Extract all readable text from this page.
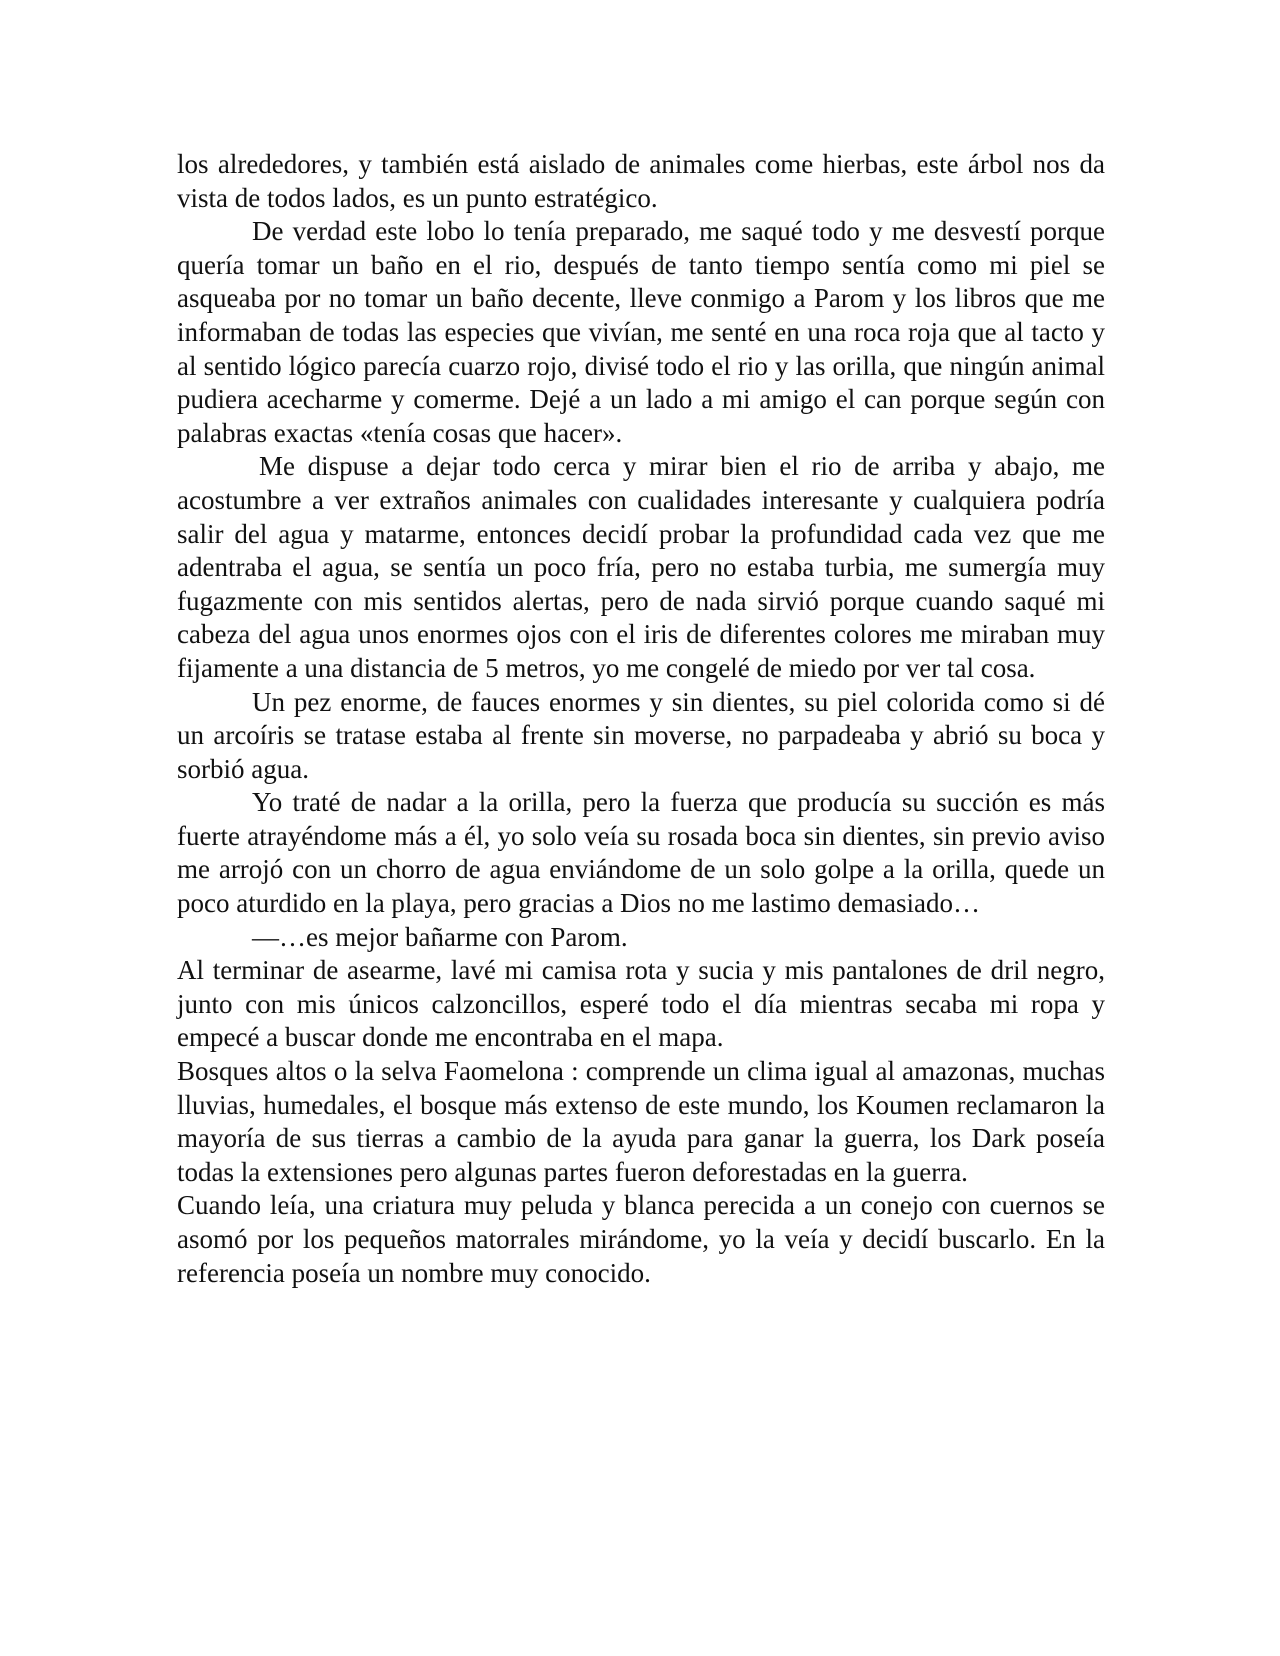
los alrededores, y también está aislado de animales come hierbas, este árbol nos da vista de todos lados, es un punto estratégico.

De verdad este lobo lo tenía preparado, me saqué todo y me desvestí porque quería tomar un baño en el rio, después de tanto tiempo sentía como mi piel se asqueaba por no tomar un baño decente, lleve conmigo a Parom y los libros que me informaban de todas las especies que vivían, me senté en una roca roja que al tacto y al sentido lógico parecía cuarzo rojo, divisé todo el rio y las orilla, que ningún animal pudiera acecharme y comerme. Dejé a un lado a mi amigo el can porque según con palabras exactas «tenía cosas que hacer».

Me dispuse a dejar todo cerca y mirar bien el rio de arriba y abajo, me acostumbre a ver extraños animales con cualidades interesante y cualquiera podría salir del agua y matarme, entonces decidí probar la profundidad cada vez que me adentraba el agua, se sentía un poco fría, pero no estaba turbia, me sumergía muy fugazmente con mis sentidos alertas, pero de nada sirvió porque cuando saqué mi cabeza del agua unos enormes ojos con el iris de diferentes colores me miraban muy fijamente a una distancia de 5 metros, yo me congelé de miedo por ver tal cosa.

Un pez enorme, de fauces enormes y sin dientes, su piel colorida como si dé un arcoíris se tratase estaba al frente sin moverse, no parpadeaba y abrió su boca y sorbió agua.

Yo traté de nadar a la orilla, pero la fuerza que producía su succión es más fuerte atrayéndome más a él, yo solo veía su rosada boca sin dientes, sin previo aviso me arrojó con un chorro de agua enviándome de un solo golpe a la orilla, quede un poco aturdido en la playa, pero gracias a Dios no me lastimo demasiado…

—…es mejor bañarme con Parom.

Al terminar de asearme, lavé mi camisa rota y sucia y mis pantalones de dril negro, junto con mis únicos calzoncillos, esperé todo el día mientras secaba mi ropa y empecé a buscar donde me encontraba en el mapa.

Bosques altos o la selva Faomelona : comprende un clima igual al amazonas, muchas lluvias, humedales, el bosque más extenso de este mundo, los Koumen reclamaron la mayoría de sus tierras a cambio de la ayuda para ganar la guerra, los Dark poseía todas la extensiones pero algunas partes fueron deforestadas en la guerra.

Cuando leía, una criatura muy peluda y blanca perecida a un conejo con cuernos se asomó por los pequeños matorrales mirándome, yo la veía y decidí buscarlo. En la referencia poseía un nombre muy conocido.
